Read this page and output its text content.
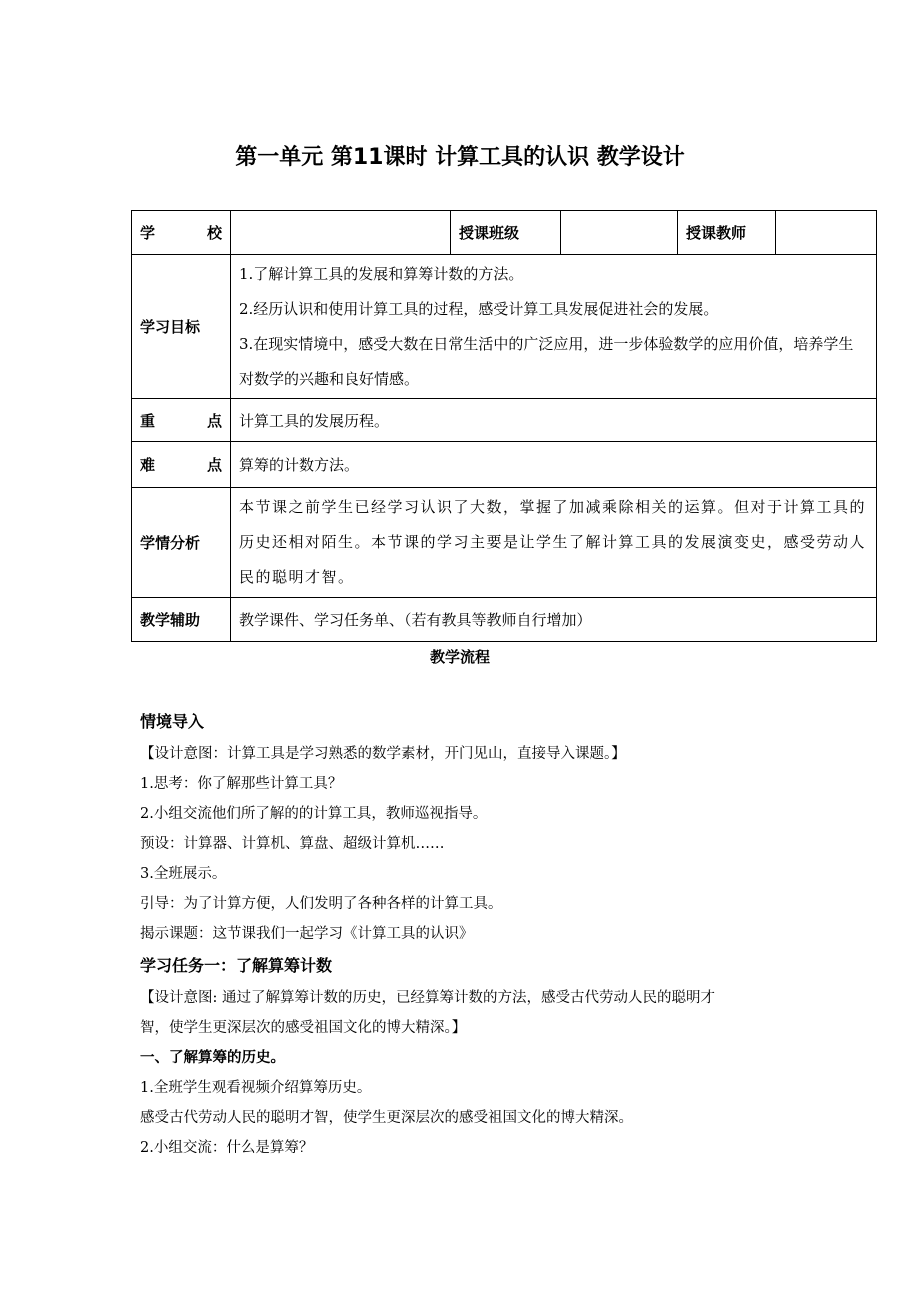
第一单元 第11课时 计算工具的认识 教学设计
学 校		授课班级		授课教师	
学习目标	1.了解计算工具的发展和算筹计数的方法。

2.经历认识和使用计算工具的过程，感受计算工具发展促进社会的发展。

3.在现实情境中，感受大数在日常生活中的广泛应用，进一步体验数学的应用价值，培养学生对数学的兴趣和良好情感。				

重 点	计算工具的发展历程。				

难 点	算筹的计数方法。				
学情分析	本节课之前学生已经学习认识了大数，掌握了加减乘除相关的运算。但对于计算工具的历史还相对陌生。本节课的学习主要是让学生了解计算工具的发展演变史，感受劳动人民的聪明才智。				

教学辅助	教学课件、学习任务单、（若有教具等教师自行增加）				
教学流程

情境导入

【设计意图：计算工具是学习熟悉的数学素材，开门见山，直接导入课题。】

1.思考：你了解那些计算工具？

2.小组交流他们所了解的的计算工具，教师巡视指导。

预设：计算器、计算机、算盘、超级计算机……

3.全班展示。

引导：为了计算方便，人们发明了各种各样的计算工具。

揭示课题：这节课我们一起学习《计算工具的认识》

学习任务一：了解算筹计数

【设计意图: 通过了解算筹计数的历史，已经算筹计数的方法，感受古代劳动人民的聪明才

智，使学生更深层次的感受祖国文化的博大精深。】

一、了解算筹的历史。

1.全班学生观看视频介绍算筹历史。

感受古代劳动人民的聪明才智，使学生更深层次的感受祖国文化的博大精深。

2.小组交流：什么是算筹？
